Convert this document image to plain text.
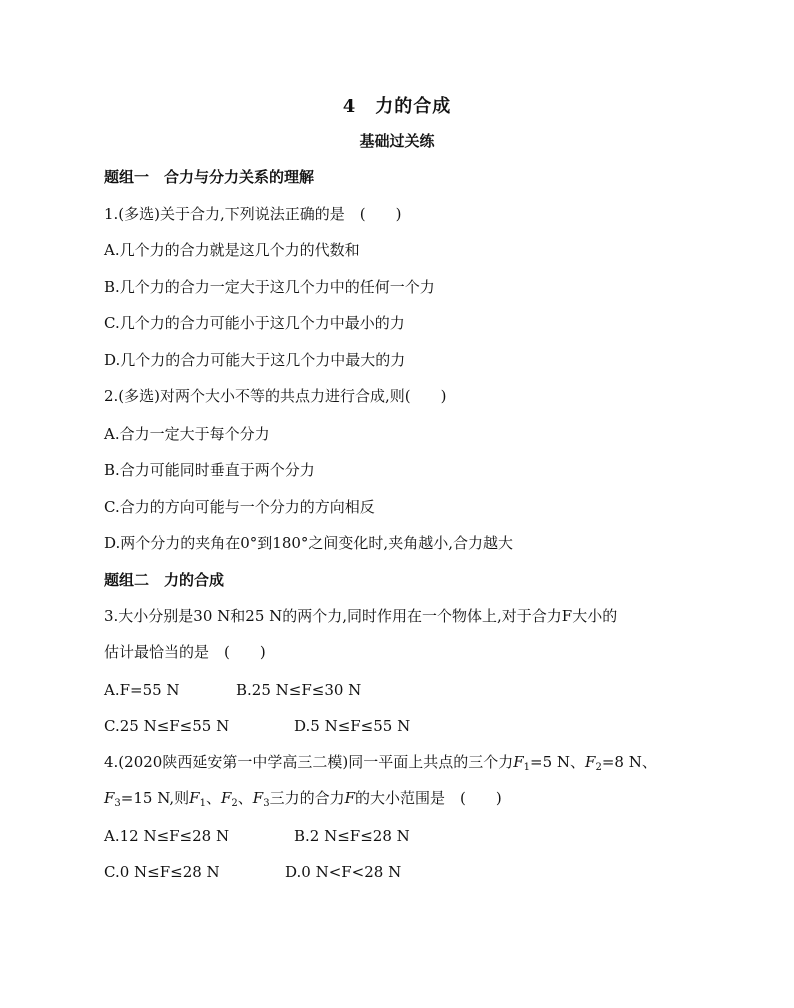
4　力的合成
基础过关练
题组一　合力与分力关系的理解
1.(多选)关于合力,下列说法正确的是　(　　)
A.几个力的合力就是这几个力的代数和
B.几个力的合力一定大于这几个力中的任何一个力
C.几个力的合力可能小于这几个力中最小的力
D.几个力的合力可能大于这几个力中最大的力
2.(多选)对两个大小不等的共点力进行合成,则(　　)
A.合力一定大于每个分力
B.合力可能同时垂直于两个分力
C.合力的方向可能与一个分力的方向相反
D.两个分力的夹角在0°到180°之间变化时,夹角越小,合力越大
题组二　力的合成
3.大小分别是30 N和25 N的两个力,同时作用在一个物体上,对于合力F大小的
估计最恰当的是　(　　)
A.F=55 N	B.25 N≤F≤30 N
C.25 N≤F≤55 N	D.5 N≤F≤55 N
4.(2020陕西延安第一中学高三二模)同一平面上共点的三个力$F_1=5$ N、$F_2=8$ N、
$F_3=15$ N,则$F_1$、$F_2$、$F_3$三力的合力F的大小范围是　(　　)
A.12 N≤F≤28 N	B.2 N≤F≤28 N
C.0 N≤F≤28 N	D.0 N<F<28 N
